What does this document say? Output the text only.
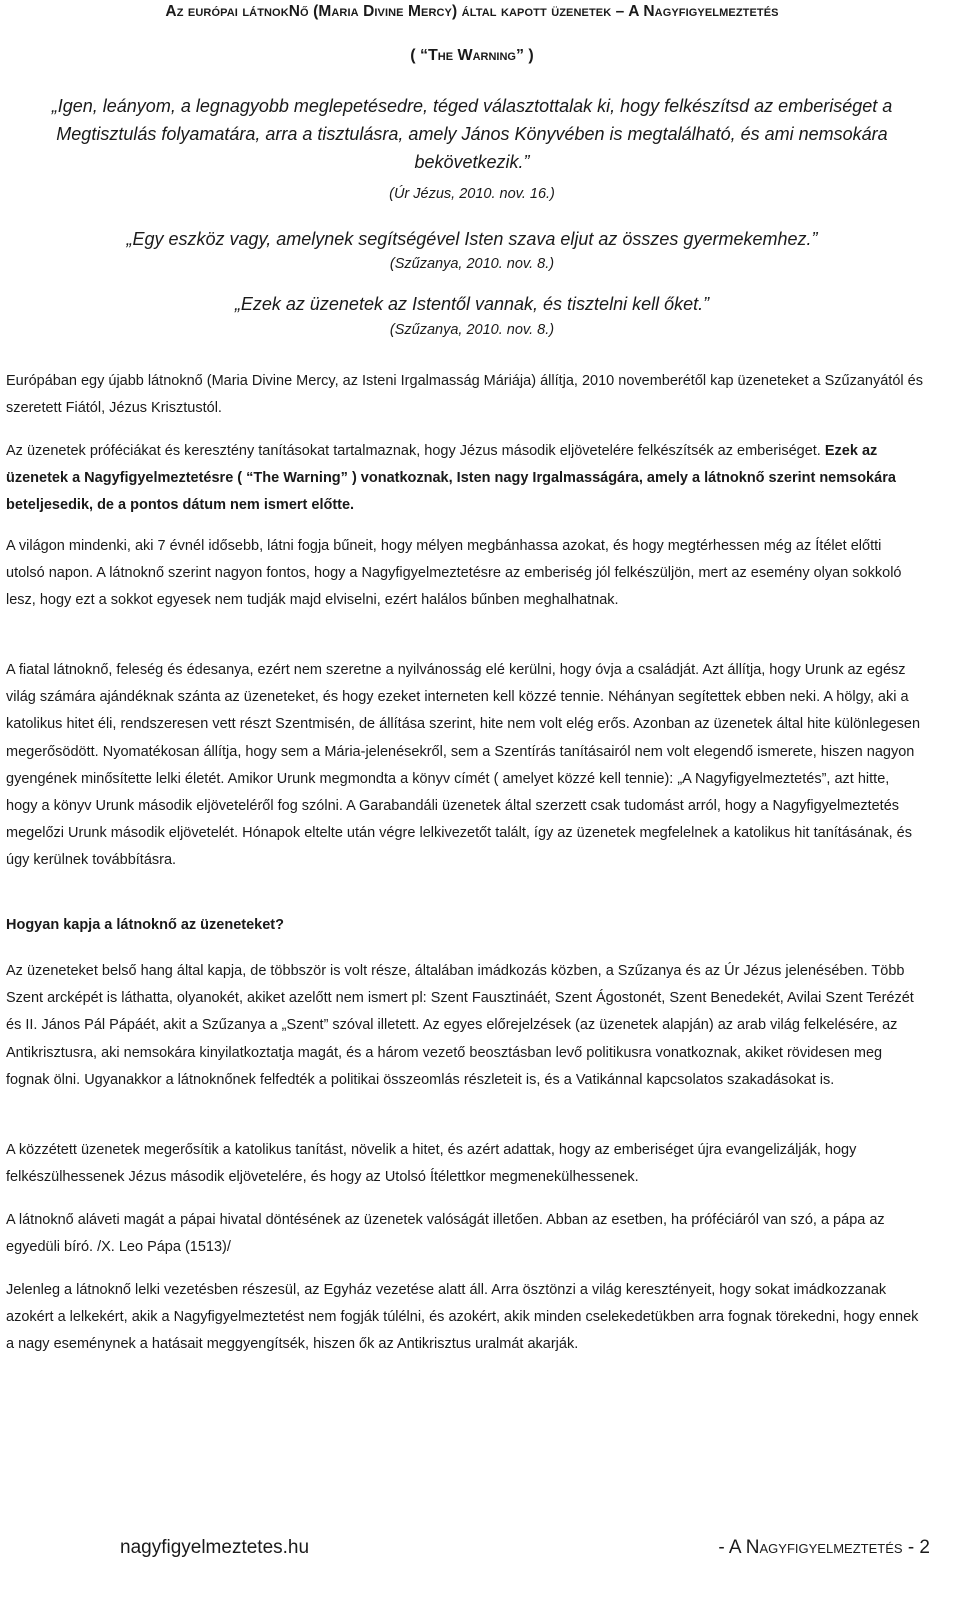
Az európai látnokNő (Maria Divine Mercy) által kapott üzenetek – A Nagyfigyelmeztetés
( “The Warning” )
„Igen, leányom, a legnagyobb meglepetésedre, téged választottalak ki, hogy felkészítsd az emberiséget a Megtisztulás folyamatára, arra a tisztulásra, amely János Könyvében is megtalálható, és ami nemsokára bekövetkezik.”
(Úr Jézus, 2010. nov. 16.)
„Egy eszköz vagy, amelynek segítségével Isten szava eljut az összes gyermekemhez.”
(Szűzanya, 2010. nov. 8.)
„Ezek az üzenetek az Istentől vannak, és tisztelni kell őket.”
(Szűzanya, 2010. nov. 8.)
Európában egy újabb látnoknő (Maria Divine Mercy, az Isteni Irgalmasság Máriája) állítja, 2010 novemberétől kap üzeneteket a Szűzanyától és szeretett Fiától, Jézus Krisztustól.
Az üzenetek próféciákat és keresztény tanításokat tartalmaznak, hogy Jézus második eljövetelére felkészítsék az emberiséget. Ezek az üzenetek a Nagyfigyelmeztetésre ( “The Warning” ) vonatkoznak, Isten nagy Irgalmasságára, amely a látnoknő szerint nemsokára beteljesedik, de a pontos dátum nem ismert előtte.
A világon mindenki, aki 7 évnél idősebb, látni fogja bűneit, hogy mélyen megbánhassa azokat, és hogy megtérhessen még az Ítélet előtti utolsó napon. A látnoknő szerint nagyon fontos, hogy a Nagyfigyelmeztetésre az emberiség jól felkészüljön, mert az esemény olyan sokkoló lesz, hogy ezt a sokkot egyesek nem tudják majd elviselni, ezért halálos bűnben meghalhatnak.
A fiatal látnoknő, feleség és édesanya, ezért nem szeretne a nyilvánosság elé kerülni, hogy óvja a családját. Azt állítja, hogy Urunk az egész világ számára ajándéknak szánta az üzeneteket, és hogy ezeket interneten kell közzé tennie. Néhányan segítettek ebben neki. A hölgy, aki a katolikus hitet éli, rendszeresen vett részt Szentmisén, de állítása szerint, hite nem volt elég erős. Azonban az üzenetek által hite különlegesen megerősödött. Nyomatékosan állítja, hogy sem a Mária-jelenésekről, sem a Szentírás tanításairól nem volt elegendő ismerete, hiszen nagyon gyengének minősítette lelki életét. Amikor Urunk megmondta a könyv címét ( amelyet közzé kell tennie): „A Nagyfigyelmeztetés”, azt hitte, hogy a könyv Urunk második eljöveteléről fog szólni. A Garabandáli üzenetek által szerzett csak tudomást arról, hogy a Nagyfigyelmeztetés megelőzi Urunk második eljövetelét. Hónapok eltelte után végre lelkivezetőt talált, így az üzenetek megfelelnek a katolikus hit tanításának, és úgy kerülnek továbbításra.
Hogyan kapja a látnoknő az üzeneteket?
Az üzeneteket belső hang által kapja, de többször is volt része, általában imádkozás közben, a Szűzanya és az Úr Jézus jelenésében. Több Szent arcképét is láthatta, olyanokét, akiket azelőtt nem ismert pl: Szent Fausztináét, Szent Ágostonét, Szent Benedekét, Avilai Szent Terézét és II. János Pál Pápáét, akit a Szűzanya a „Szent” szóval illetett. Az egyes előrejelzések (az üzenetek alapján) az arab világ felkelésére, az Antikrisztusra, aki nemsokára kinyilatkoztatja magát, és a három vezető beosztásban levő politikusra vonatkoznak, akiket rövidesen meg fognak ölni. Ugyanakkor a látnoknőnek felfedték a politikai összeomlás részleteit is, és a Vatikánnal kapcsolatos szakadásokat is.
A közzétett üzenetek megerősítik a katolikus tanítást, növelik a hitet, és azért adattak, hogy az emberiséget újra evangelizálják, hogy felkészülhessenek Jézus második eljövetelére, és hogy az Utolsó Ítélettkor megmenekülhessenek.
A látnoknő aláveti magát a pápai hivatal döntésének az üzenetek valóságát illetően. Abban az esetben, ha próféciáról van szó, a pápa az egyedüli bíró. /X. Leo Pápa (1513)/
Jelenleg a látnoknő lelki vezetésben részesül, az Egyház vezetése alatt áll. Arra ösztönzi a világ keresztényeit, hogy sokat imádkozzanak azokért a lelkekért, akik a Nagyfigyelmeztetést nem fogják túlélni, és azokért, akik minden cselekedetükben arra fognak törekedni, hogy ennek a nagy eseménynek a hatásait meggyengítsék, hiszen ők az Antikrisztus uralmát akarják.
nagyfigyelmeztetes.hu	- A Nagyfigyelmeztetés - 2
